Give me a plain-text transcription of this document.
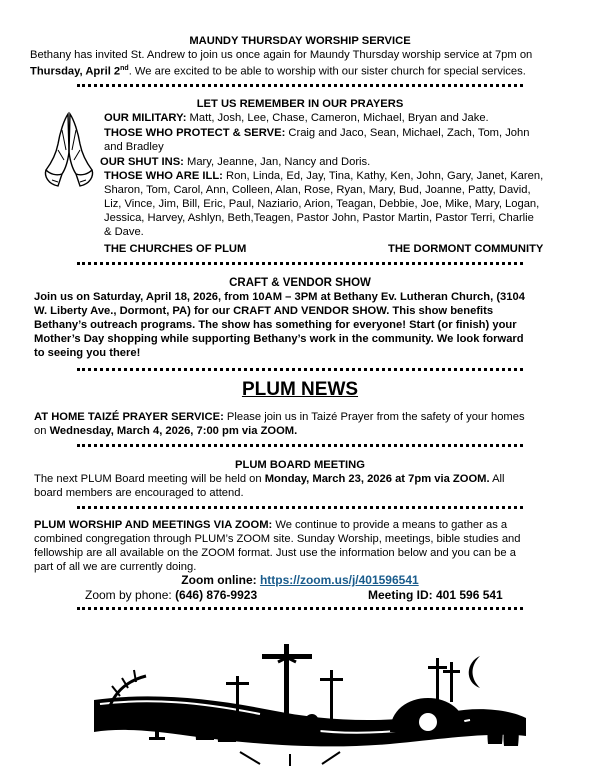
MAUNDY THURSDAY WORSHIP SERVICE
Bethany has invited St. Andrew to join us once again for Maundy Thursday worship service at 7pm on
Thursday, April 2nd. We are excited to be able to worship with our sister church for special services.
LET US REMEMBER IN OUR PRAYERS
OUR MILITARY: Matt, Josh, Lee, Chase, Cameron, Michael, Bryan and Jake.
THOSE WHO PROTECT & SERVE: Craig and Jaco, Sean, Michael, Zach, Tom, John
and Bradley
OUR SHUT INS: Mary, Jeanne, Jan, Nancy and Doris.
THOSE WHO ARE ILL: Ron, Linda, Ed, Jay, Tina, Kathy, Ken, John, Gary, Janet, Karen,
Sharon, Tom, Carol, Ann, Colleen, Alan, Rose, Ryan, Mary, Bud, Joanne, Patty, David,
Liz, Vince, Jim, Bill, Eric, Paul, Naziario, Arion, Teagan, Debbie, Joe, Mike, Mary, Logan,
Jessica, Harvey, Ashlyn, Beth,Teagen, Pastor John, Pastor Martin, Pastor Terri, Charlie
& Dave.
THE CHURCHES OF PLUM	THE DORMONT COMMUNITY
CRAFT & VENDOR SHOW
Join us on Saturday, April 18, 2026, from 10AM – 3PM at Bethany Ev. Lutheran Church, (3104
W. Liberty Ave., Dormont, PA) for our CRAFT AND VENDOR SHOW. This show benefits
Bethany’s outreach programs. The show has something for everyone! Start (or finish) your
Mother’s Day shopping while supporting Bethany’s work in the community. We look forward
to seeing you there!
PLUM NEWS
AT HOME TAIZÉ PRAYER SERVICE: Please join us in Taizé Prayer from the safety of your homes
on Wednesday, March 4, 2026, 7:00 pm via ZOOM.
PLUM BOARD MEETING
The next PLUM Board meeting will be held on Monday, March 23, 2026 at 7pm via ZOOM. All
board members are encouraged to attend.
PLUM WORSHIP AND MEETINGS VIA ZOOM: We continue to provide a means to gather as a
combined congregation through PLUM’s ZOOM site. Sunday Worship, meetings, bible studies and
fellowship are all available on the ZOOM format. Just use the information below and you can be a
part of all we are currently doing.
Zoom online: https://zoom.us/j/401596541
Zoom by phone: (646) 876-9923	Meeting ID: 401 596 541
